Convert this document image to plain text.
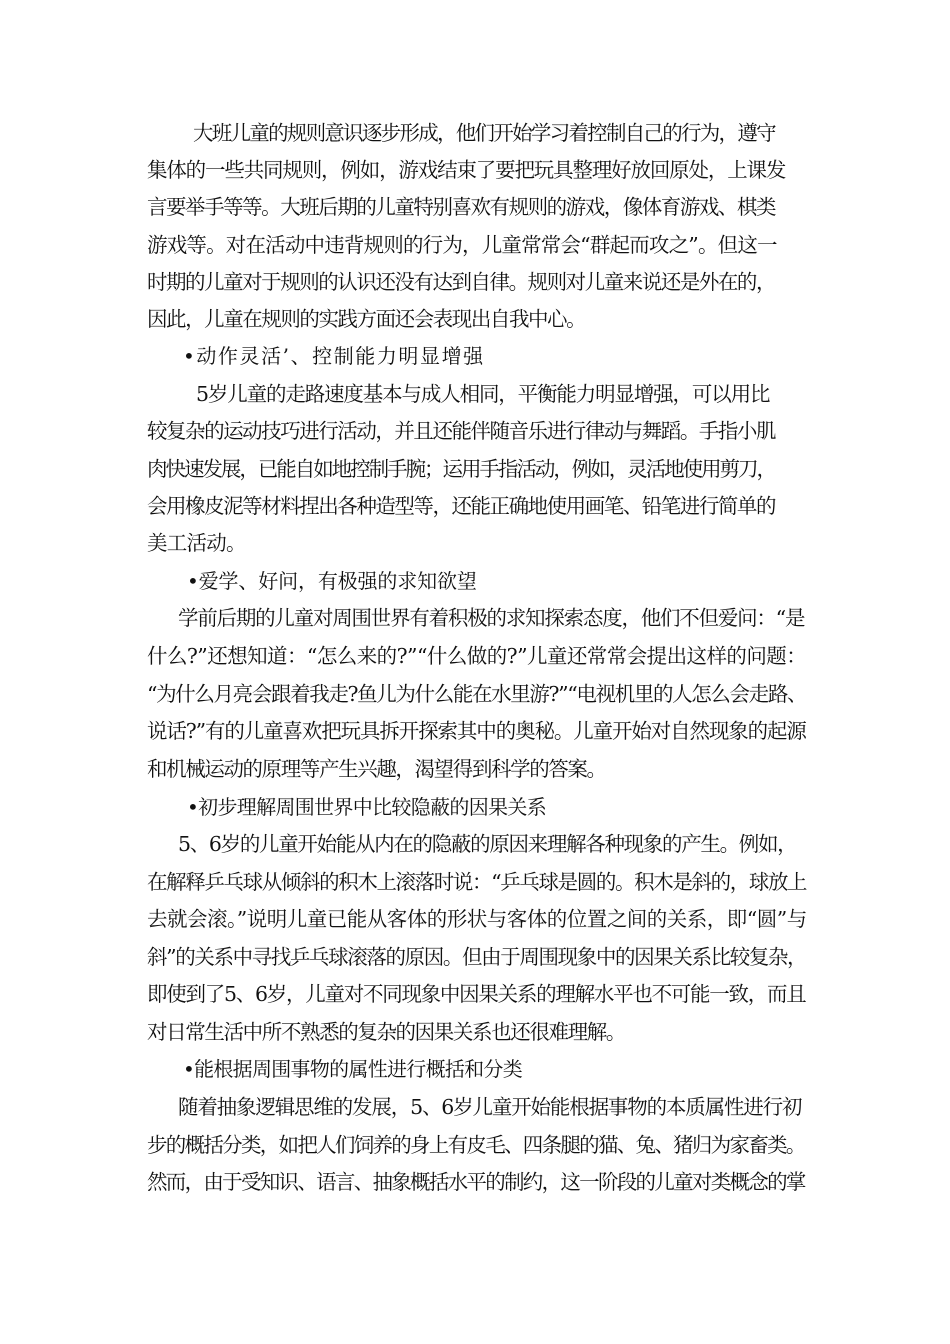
大班儿童的规则意识逐步形成，他们开始学习着控制自己的行为，遵守
集体的一些共同规则，例如，游戏结束了要把玩具整理好放回原处，上课发
言要举手等等。大班后期的儿童特别喜欢有规则的游戏，像体育游戏、棋类
游戏等。对在活动中违背规则的行为，儿童常常会“群起而攻之”。但这一
时期的儿童对于规则的认识还没有达到自律。规则对儿童来说还是外在的，
因此，儿童在规则的实践方面还会表现出自我中心。
•动作灵活’、控制能力明显增强
5岁儿童的走路速度基本与成人相同，平衡能力明显增强，可以用比
较复杂的运动技巧进行活动，并且还能伴随音乐进行律动与舞蹈。手指小肌
肉快速发展，已能自如地控制手腕；运用手指活动，例如，灵活地使用剪刀，
会用橡皮泥等材料捏出各种造型等，还能正确地使用画笔、铅笔进行简单的
美工活动。
•爱学、好问，有极强的求知欲望
学前后期的儿童对周围世界有着积极的求知探索态度，他们不但爱问：“是
什么?”还想知道：“怎么来的?”“什么做的?”儿童还常常会提出这样的问题：
“为什么月亮会跟着我走?鱼儿为什么能在水里游?”“电视机里的人怎么会走路、
说话?”有的儿童喜欢把玩具拆开探索其中的奥秘。儿童开始对自然现象的起源
和机械运动的原理等产生兴趣，渴望得到科学的答案。
•初步理解周围世界中比较隐蔽的因果关系
5、6岁的儿童开始能从内在的隐蔽的原因来理解各种现象的产生。例如，
在解释乒乓球从倾斜的积木上滚落时说：“乒乓球是圆的。积木是斜的，球放上
去就会滚。”说明儿童已能从客体的形状与客体的位置之间的关系，即“圆”与
斜”的关系中寻找乒乓球滚落的原因。但由于周围现象中的因果关系比较复杂，
即使到了5、6岁，儿童对不同现象中因果关系的理解水平也不可能一致，而且
对日常生活中所不熟悉的复杂的因果关系也还很难理解。
•能根据周围事物的属性进行概括和分类
随着抽象逻辑思维的发展，5、6岁儿童开始能根据事物的本质属性进行初
步的概括分类，如把人们饲养的身上有皮毛、四条腿的猫、兔、猪归为家畜类。
然而，由于受知识、语言、抽象概括水平的制约，这一阶段的儿童对类概念的掌
